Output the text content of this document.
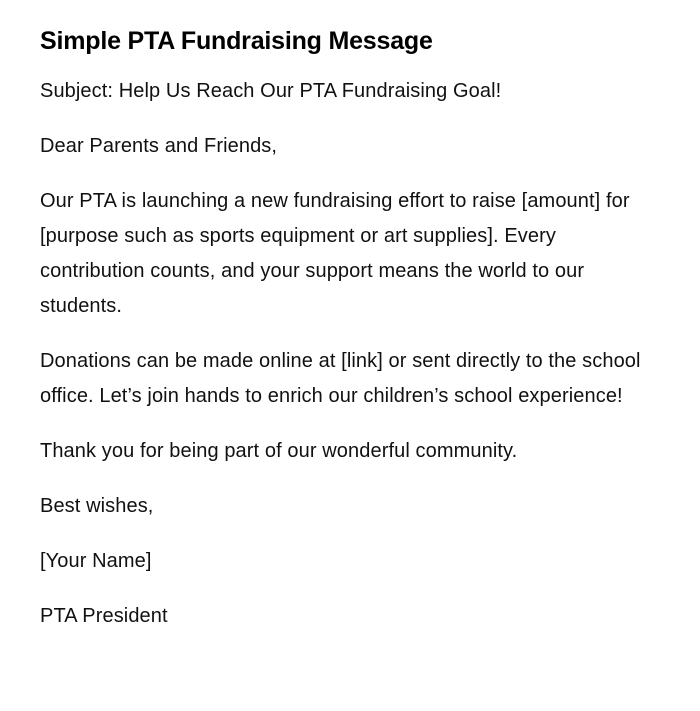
Simple PTA Fundraising Message

Subject: Help Us Reach Our PTA Fundraising Goal!

Dear Parents and Friends,

Our PTA is launching a new fundraising effort to raise [amount] for [purpose such as sports equipment or art supplies]. Every contribution counts, and your support means the world to our students.

Donations can be made online at [link] or sent directly to the school office. Let’s join hands to enrich our children’s school experience!

Thank you for being part of our wonderful community.

Best wishes,

[Your Name]

PTA President
